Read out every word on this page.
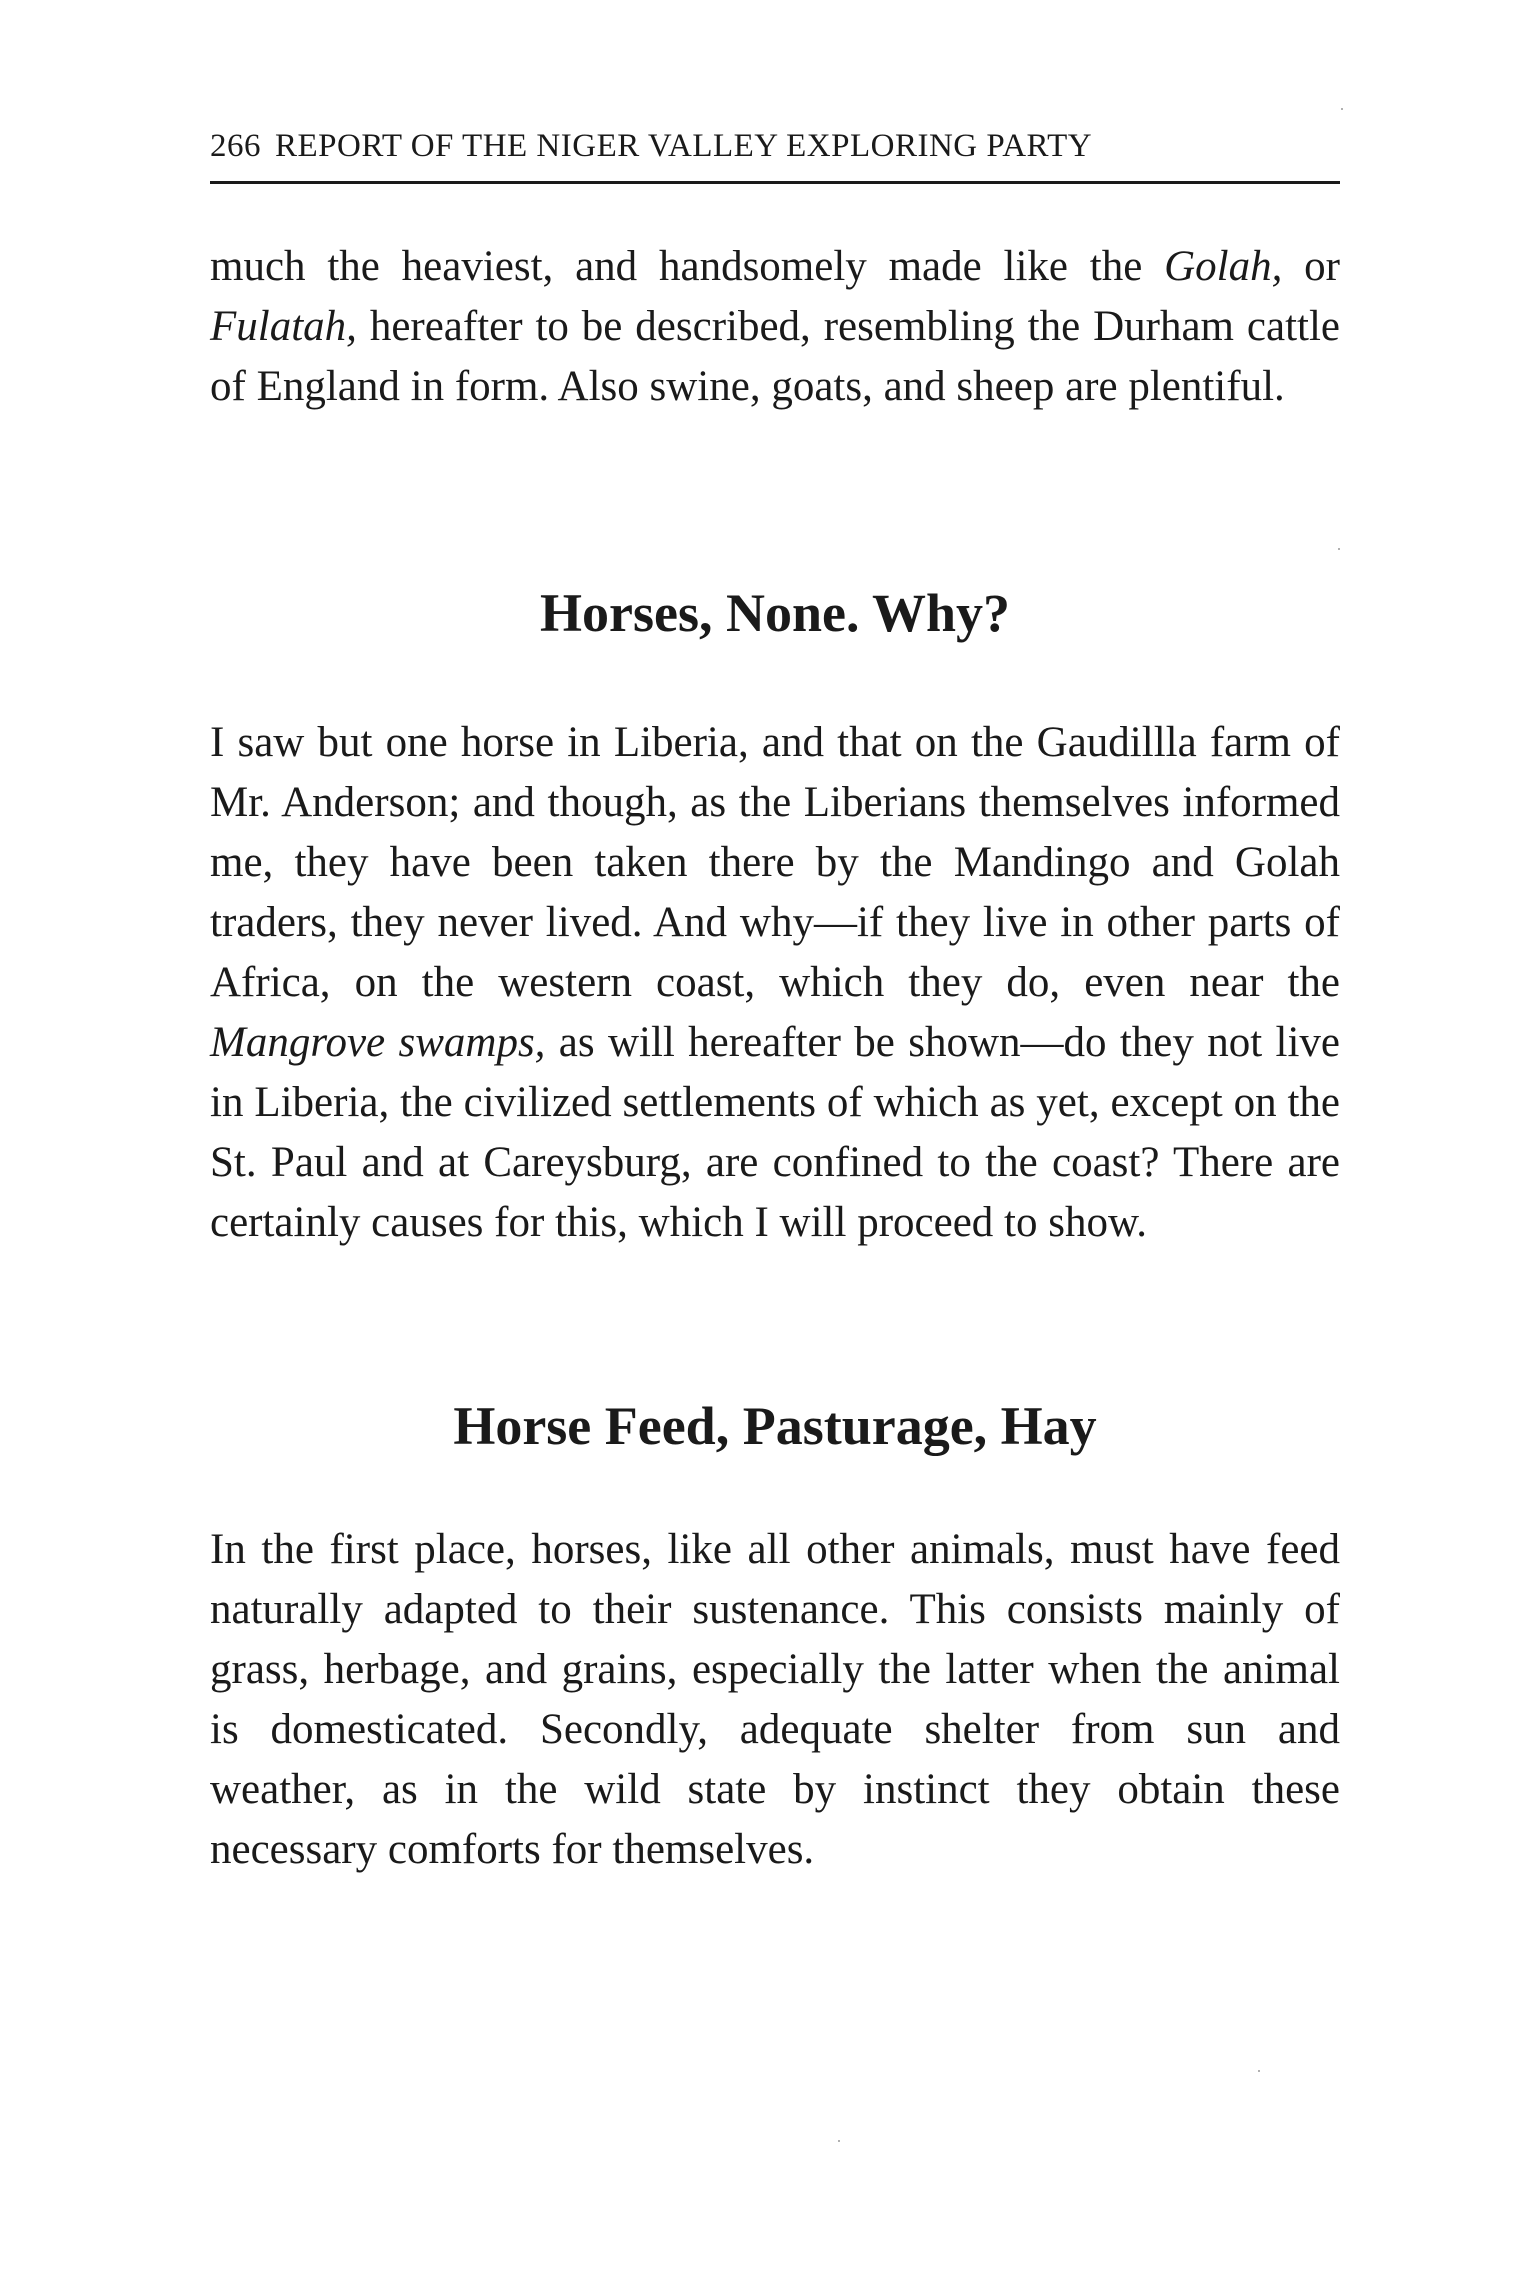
266 REPORT OF THE NIGER VALLEY EXPLORING PARTY

much the heaviest, and handsomely made like the Golah, or Fulatah, hereafter to be described, resembling the Durham cattle of England in form. Also swine, goats, and sheep are plentiful.

Horses, None. Why?

I saw but one horse in Liberia, and that on the Gaudillla farm of Mr. Anderson; and though, as the Liberians themselves informed me, they have been taken there by the Mandingo and Golah traders, they never lived. And why—if they live in other parts of Africa, on the western coast, which they do, even near the Mangrove swamps, as will hereafter be shown—do they not live in Liberia, the civilized settlements of which as yet, except on the St. Paul and at Careysburg, are confined to the coast? There are certainly causes for this, which I will proceed to show.

Horse Feed, Pasturage, Hay

In the first place, horses, like all other animals, must have feed naturally adapted to their sustenance. This consists mainly of grass, herbage, and grains, especially the latter when the animal is domesticated. Secondly, adequate shelter from sun and weather, as in the wild state by instinct they obtain these necessary comforts for themselves.
